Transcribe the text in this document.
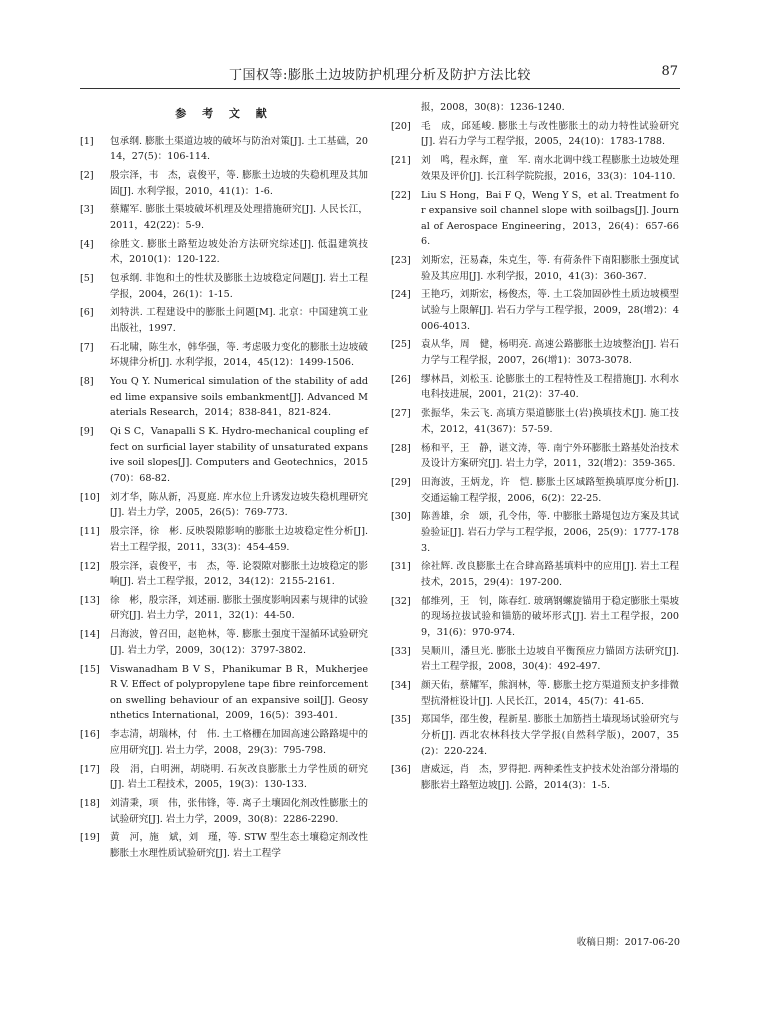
丁国权等:膨胀土边坡防护机理分析及防护方法比较	87
参 考 文 献
[1]	包承纲. 膨胀土渠道边坡的破坏与防治对策[J]. 土工基础，2014，27(5)：106-114.
[2]	殷宗泽，韦　杰，袁俊平，等. 膨胀土边坡的失稳机理及其加固[J]. 水利学报，2010，41(1)：1-6.
[3]	蔡耀军. 膨胀土渠坡破坏机理及处理措施研究[J]. 人民长江，2011，42(22)：5-9.
[4]	徐胜文. 膨胀土路堑边坡处治方法研究综述[J]. 低温建筑技术，2010(1)：120-122.
[5]	包承纲. 非饱和土的性状及膨胀土边坡稳定问题[J]. 岩土工程学报，2004，26(1)：1-15.
[6]	刘特洪. 工程建设中的膨胀土问题[M]. 北京：中国建筑工业出版社，1997.
[7]	石北啸，陈生水，韩华强，等. 考虑吸力变化的膨胀土边坡破坏规律分析[J]. 水利学报，2014，45(12)：1499-1506.
[8]	You Q Y. Numerical simulation of the stability of added lime expansive soils embankment[J]. Advanced Materials Research，2014；838-841，821-824.
[9]	Qi S C，Vanapalli S K. Hydro-mechanical coupling effect on surficial layer stability of unsaturated expansive soil slopes[J]. Computers and Geotechnics，2015(70)：68-82.
[10]	刘才华，陈从新，冯夏庭. 库水位上升诱发边坡失稳机理研究[J]. 岩土力学，2005，26(5)：769-773.
[11]	殷宗泽，徐　彬. 反映裂隙影响的膨胀土边坡稳定性分析[J]. 岩土工程学报，2011，33(3)：454-459.
[12]	殷宗泽，袁俊平，韦　杰，等. 论裂隙对膨胀土边坡稳定的影响[J]. 岩土工程学报，2012，34(12)：2155-2161.
[13]	徐　彬，殷宗泽，刘述丽. 膨胀土强度影响因素与规律的试验研究[J]. 岩土力学，2011，32(1)：44-50.
[14]	吕海波，曾召田，赵艳林，等. 膨胀土强度干湿循环试验研究[J]. 岩土力学，2009，30(12)：3797-3802.
[15]	Viswanadham B V S，Phanikumar B R，Mukherjee R V. Effect of polypropylene tape fibre reinforcement on swelling behaviour of an expansive soil[J]. Geosynthetics International，2009，16(5)：393-401.
[16]	李志清，胡瑞林，付　伟. 土工格栅在加固高速公路路堤中的应用研究[J]. 岩土力学，2008，29(3)：795-798.
[17]	段　涓，白明洲，胡晓明. 石灰改良膨胀土力学性质的研究[J]. 岩土工程技术，2005，19(3)：130-133.
[18]	刘清秉，项　伟，张伟锋，等. 离子土壤固化剂改性膨胀土的试验研究[J]. 岩土力学，2009，30(8)：2286-2290.
[19]	黄　河，施　斌，刘　瑾，等. STW 型生态土壤稳定剂改性膨胀土水理性质试验研究[J]. 岩土工程学
报，2008，30(8)：1236-1240.
[20]	毛　成，邱延峻. 膨胀土与改性膨胀土的动力特性试验研究[J]. 岩石力学与工程学报，2005，24(10)：1783-1788.
[21]	刘　鸣，程永辉，童　军. 南水北调中线工程膨胀土边坡处理效果及评价[J]. 长江科学院院报，2016，33(3)：104-110.
[22]	Liu S Hong，Bai F Q，Weng Y S，et al. Treatment for expansive soil channel slope with soilbags[J]. Journal of Aerospace Engineering，2013，26(4)：657-666.
[23]	刘斯宏，汪易森，朱克生，等. 有荷条件下南阳膨胀土强度试验及其应用[J]. 水利学报，2010，41(3)：360-367.
[24]	王艳巧，刘斯宏，杨俊杰，等. 土工袋加固砂性土质边坡模型试验与上限解[J]. 岩石力学与工程学报，2009，28(增2)：4006-4013.
[25]	袁从华，周　健，杨明亮. 高速公路膨胀土边坡整治[J]. 岩石力学与工程学报，2007，26(增1)：3073-3078.
[26]	缪林昌，刘松玉. 论膨胀土的工程特性及工程措施[J]. 水利水电科技进展，2001，21(2)：37-40.
[27]	张振华，朱云飞. 高填方渠道膨胀土(岩)换填技术[J]. 施工技术，2012，41(367)：57-59.
[28]	杨和平，王　静，谌文涛，等. 南宁外环膨胀土路基处治技术及设计方案研究[J]. 岩土力学，2011，32(增2)：359-365.
[29]	田海波，王炳龙，许　恺. 膨胀土区域路堑换填厚度分析[J]. 交通运输工程学报，2006，6(2)：22-25.
[30]	陈善雄，余　颂，孔令伟，等. 中膨胀土路堤包边方案及其试验验证[J]. 岩石力学与工程学报，2006，25(9)：1777-1783.
[31]	徐社辉. 改良膨胀土在合肆高路基填料中的应用[J]. 岩土工程技术，2015，29(4)：197-200.
[32]	郁维列，王　钊，陈春红. 玻璃钢螺旋锚用于稳定膨胀土渠坡的现场拉拔试验和锚筋的破坏形式[J]. 岩土工程学报，2009，31(6)：970-974.
[33]	吴顺川，潘旦光. 膨胀土边坡自平衡预应力锚固方法研究[J]. 岩土工程学报，2008，30(4)：492-497.
[34]	颜天佑，蔡耀军，熊润林，等. 膨胀土挖方渠道预支护多排微型抗滑桩设计[J]. 人民长江，2014，45(7)：41-65.
[35]	郑国华，邵生俊，程新星. 膨胀土加筋挡土墙现场试验研究与分析[J]. 西北农林科技大学学报(自然科学版)，2007，35(2)：220-224.
[36]	唐威远，肖　杰，罗得把. 两种柔性支护技术处治部分滑塌的膨胀岩土路堑边坡[J]. 公路，2014(3)：1-5.
收稿日期：2017-06-20
